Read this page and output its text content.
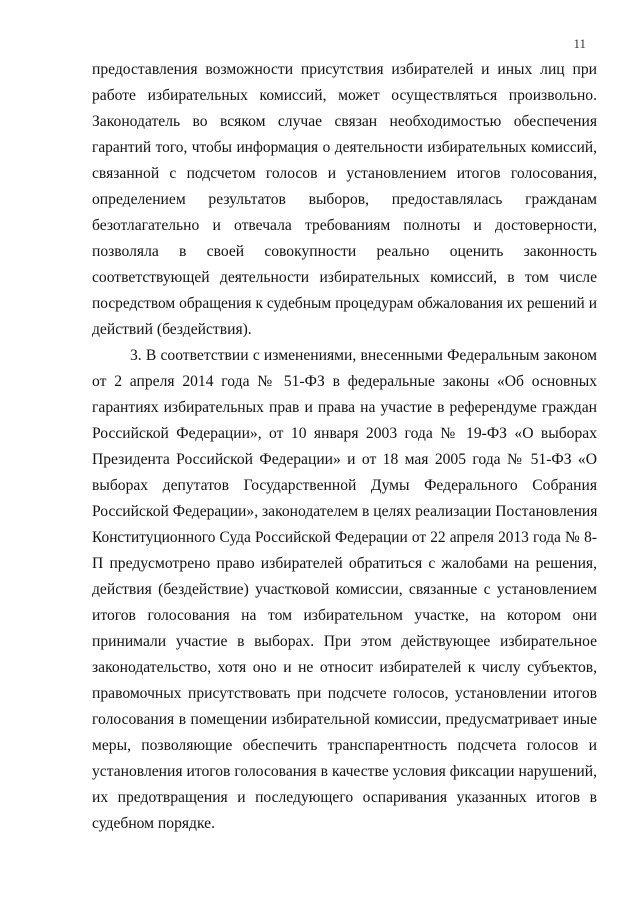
11
предоставления возможности присутствия избирателей и иных лиц при
работе избирательных комиссий, может осуществляться произвольно.
Законодатель во всяком случае связан необходимостью обеспечения
гарантий того, чтобы информация о деятельности избирательных комиссий,
связанной с подсчетом голосов и установлением итогов голосования,
определением результатов выборов, предоставлялась гражданам
безотлагательно и отвечала требованиям полноты и достоверности,
позволяла в своей совокупности реально оценить законность
соответствующей деятельности избирательных комиссий, в том числе
посредством обращения к судебным процедурам обжалования их решений и
действий (бездействия).
3. В соответствии с изменениями, внесенными Федеральным законом
от 2 апреля 2014 года № 51-ФЗ в федеральные законы «Об основных
гарантиях избирательных прав и права на участие в референдуме граждан
Российской Федерации», от 10 января 2003 года № 19-ФЗ «О выборах
Президента Российской Федерации» и от 18 мая 2005 года № 51-ФЗ «О
выборах депутатов Государственной Думы Федерального Собрания
Российской Федерации», законодателем в целях реализации Постановления
Конституционного Суда Российской Федерации от 22 апреля 2013 года № 8-
П предусмотрено право избирателей обратиться с жалобами на решения,
действия (бездействие) участковой комиссии, связанные с установлением
итогов голосования на том избирательном участке, на котором они
принимали участие в выборах. При этом действующее избирательное
законодательство, хотя оно и не относит избирателей к числу субъектов,
правомочных присутствовать при подсчете голосов, установлении итогов
голосования в помещении избирательной комиссии, предусматривает иные
меры, позволяющие обеспечить транспарентность подсчета голосов и
установления итогов голосования в качестве условия фиксации нарушений,
их предотвращения и последующего оспаривания указанных итогов в
судебном порядке.
